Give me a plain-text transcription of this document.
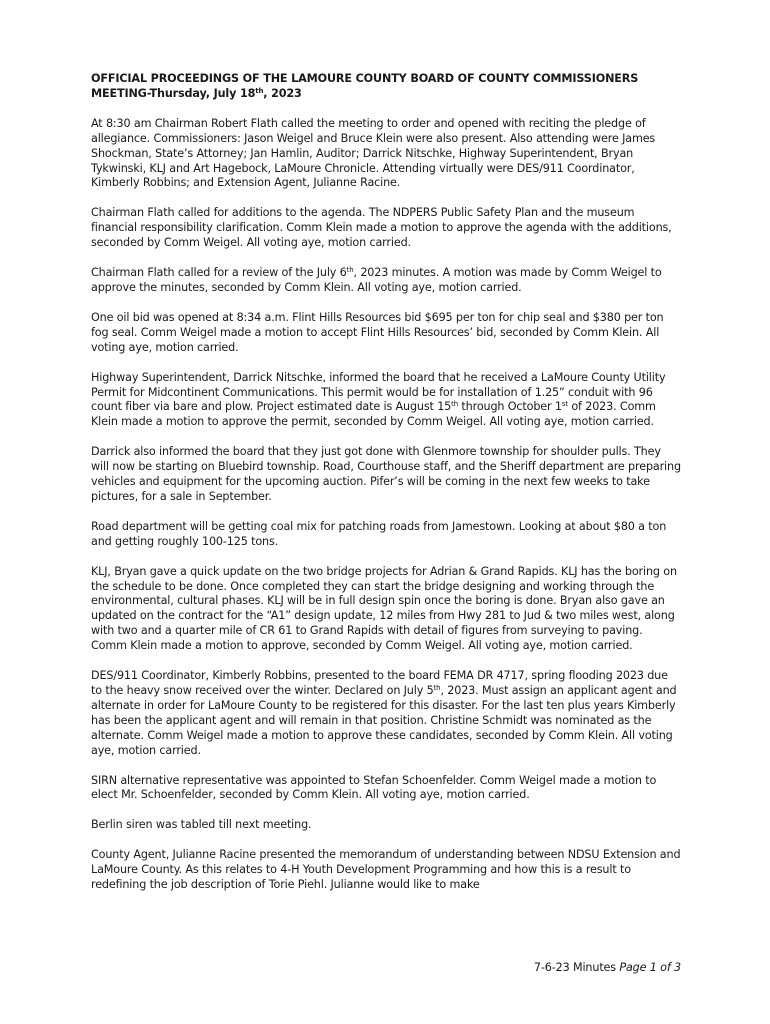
OFFICIAL PROCEEDINGS OF THE LAMOURE COUNTY BOARD OF COUNTY COMMISSIONERS
MEETING-Thursday, July 18th, 2023

At 8:30 am Chairman Robert Flath called the meeting to order and opened with reciting the pledge of allegiance. Commissioners: Jason Weigel and Bruce Klein were also present. Also attending were James Shockman, State’s Attorney; Jan Hamlin, Auditor; Darrick Nitschke, Highway Superintendent, Bryan Tykwinski, KLJ and Art Hagebock, LaMoure Chronicle. Attending virtually were DES/911 Coordinator, Kimberly Robbins; and Extension Agent, Julianne Racine.

Chairman Flath called for additions to the agenda. The NDPERS Public Safety Plan and the museum financial responsibility clarification. Comm Klein made a motion to approve the agenda with the additions, seconded by Comm Weigel. All voting aye, motion carried.

Chairman Flath called for a review of the July 6th, 2023 minutes. A motion was made by Comm Weigel to approve the minutes, seconded by Comm Klein. All voting aye, motion carried.

One oil bid was opened at 8:34 a.m. Flint Hills Resources bid $695 per ton for chip seal and $380 per ton fog seal. Comm Weigel made a motion to accept Flint Hills Resources’ bid, seconded by Comm Klein. All voting aye, motion carried.

Highway Superintendent, Darrick Nitschke, informed the board that he received a LaMoure County Utility Permit for Midcontinent Communications. This permit would be for installation of 1.25” conduit with 96 count fiber via bare and plow. Project estimated date is August 15th through October 1st of 2023. Comm Klein made a motion to approve the permit, seconded by Comm Weigel. All voting aye, motion carried.

Darrick also informed the board that they just got done with Glenmore township for shoulder pulls. They will now be starting on Bluebird township. Road, Courthouse staff, and the Sheriff department are preparing vehicles and equipment for the upcoming auction. Pifer’s will be coming in the next few weeks to take pictures, for a sale in September.

Road department will be getting coal mix for patching roads from Jamestown. Looking at about $80 a ton and getting roughly 100-125 tons.

KLJ, Bryan gave a quick update on the two bridge projects for Adrian & Grand Rapids. KLJ has the boring on the schedule to be done. Once completed they can start the bridge designing and working through the environmental, cultural phases. KLJ will be in full design spin once the boring is done. Bryan also gave an updated on the contract for the “A1” design update, 12 miles from Hwy 281 to Jud & two miles west, along with two and a quarter mile of CR 61 to Grand Rapids with detail of figures from surveying to paving. Comm Klein made a motion to approve, seconded by Comm Weigel. All voting aye, motion carried.

DES/911 Coordinator, Kimberly Robbins, presented to the board FEMA DR 4717, spring flooding 2023 due to the heavy snow received over the winter. Declared on July 5th, 2023. Must assign an applicant agent and alternate in order for LaMoure County to be registered for this disaster. For the last ten plus years Kimberly has been the applicant agent and will remain in that position. Christine Schmidt was nominated as the alternate. Comm Weigel made a motion to approve these candidates, seconded by Comm Klein. All voting aye, motion carried.

SIRN alternative representative was appointed to Stefan Schoenfelder. Comm Weigel made a motion to elect Mr. Schoenfelder, seconded by Comm Klein. All voting aye, motion carried.

Berlin siren was tabled till next meeting.

County Agent, Julianne Racine presented the memorandum of understanding between NDSU Extension and LaMoure County. As this relates to 4-H Youth Development Programming and how this is a result to redefining the job description of Torie Piehl. Julianne would like to make

7-6-23 Minutes Page 1 of 3
